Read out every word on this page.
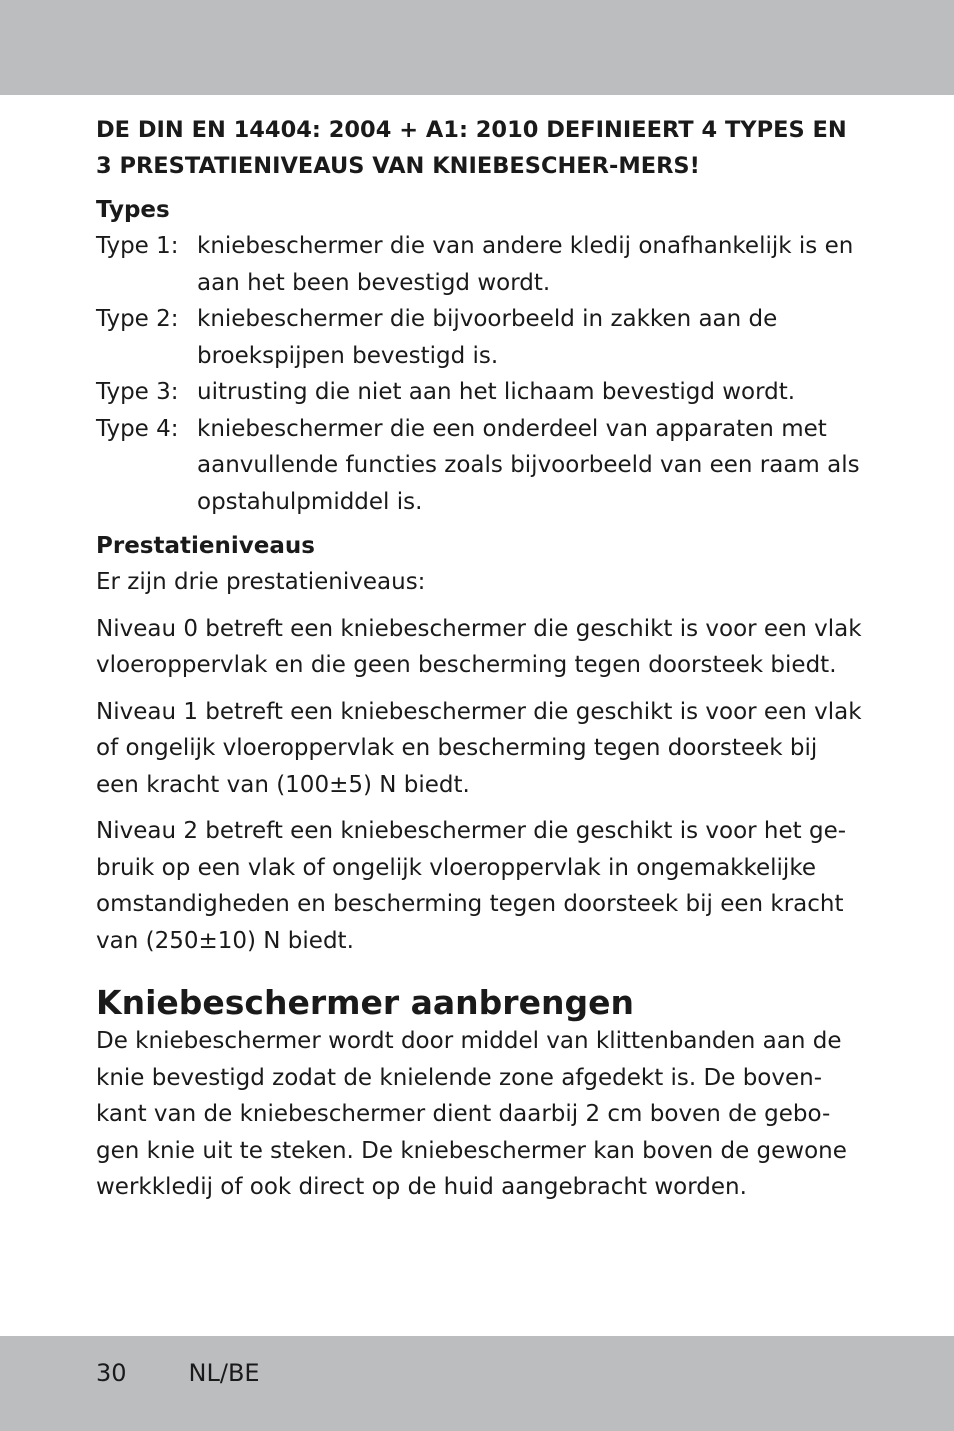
DE DIN EN 14404: 2004 + A1: 2010 DEFINIEERT 4 TYPES EN 3 PRESTATIENIVEAUS VAN KNIEBESCHER-MERS!
Types
Type 1: kniebeschermer die van andere kledij onafhankelijk is en aan het been bevestigd wordt.
Type 2: kniebeschermer die bijvoorbeeld in zakken aan de broekspijpen bevestigd is.
Type 3: uitrusting die niet aan het lichaam bevestigd wordt.
Type 4: kniebeschermer die een onderdeel van apparaten met aanvullende functies zoals bijvoorbeeld van een raam als opstahulpmiddel is.
Prestatieniveaus

Er zijn drie prestatieniveaus:

Niveau 0 betreft een kniebeschermer die geschikt is voor een vlak vloeroppervlak en die geen bescherming tegen doorsteek biedt.

Niveau 1 betreft een kniebeschermer die geschikt is voor een vlak of ongelijk vloeroppervlak en bescherming tegen doorsteek bij een kracht van (100±5) N biedt.

Niveau 2 betreft een kniebeschermer die geschikt is voor het ge-bruik op een vlak of ongelijk vloeroppervlak in ongemakkelijke omstandigheden en bescherming tegen doorsteek bij een kracht van (250±10) N biedt.

Kniebeschermer aanbrengen

De kniebeschermer wordt door middel van klittenbanden aan de knie bevestigd zodat de knielende zone afgedekt is. De boven-kant van de kniebeschermer dient daarbij 2 cm boven de gebo-gen knie uit te steken. De kniebeschermer kan boven de gewone werkkledij of ook direct op de huid aangebracht worden.

30	NL/BE
